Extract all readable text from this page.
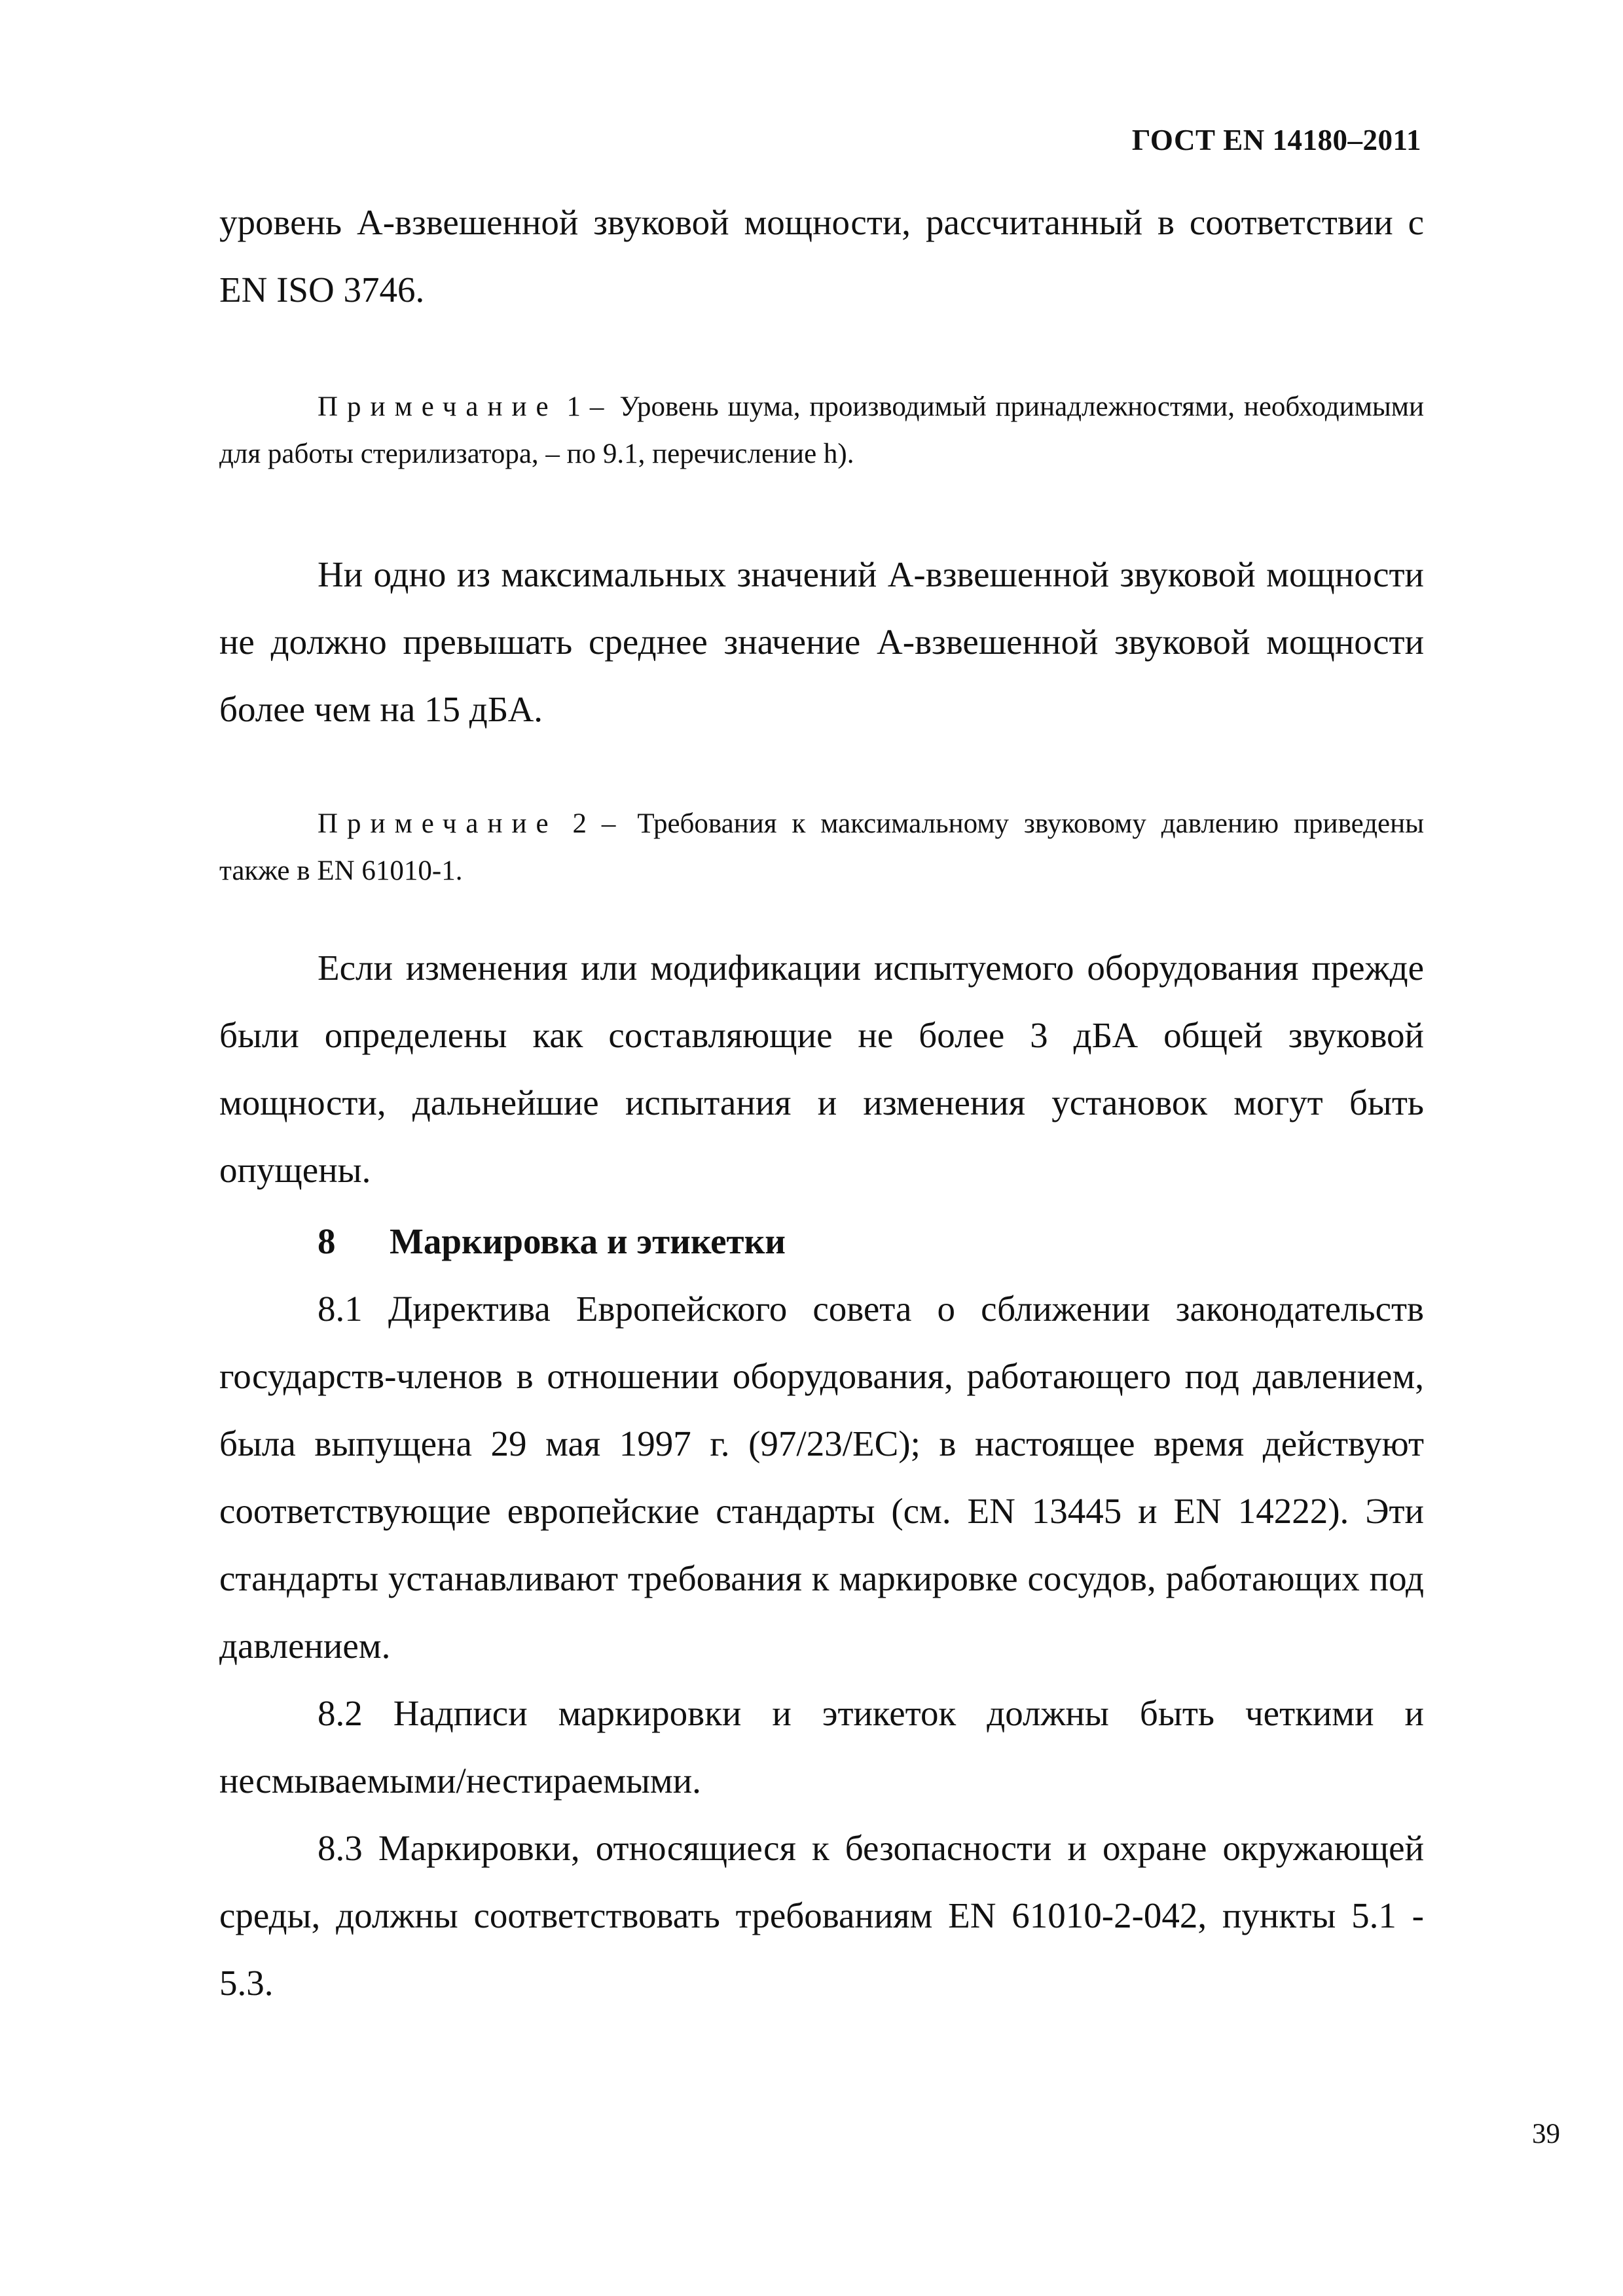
ГОСТ EN 14180–2011

уровень А-взвешенной звуковой мощности, рассчитанный в соответствии с EN ISO 3746.

Примечание 1 – Уровень шума, производимый принадлежностями, необходимыми для работы стерилизатора, – по 9.1, перечисление h).

Ни одно из максимальных значений А-взвешенной звуковой мощности не должно превышать среднее значение А-взвешенной звуковой мощности более чем на 15 дБА.

Примечание 2 – Требования к максимальному звуковому давлению приведены также в EN 61010-1.

Если изменения или модификации испытуемого оборудования прежде были определены как составляющие не более 3 дБА общей звуковой мощности, дальнейшие испытания и изменения установок могут быть опущены.

8 Маркировка и этикетки

8.1 Директива Европейского совета о сближении законодательств государств-членов в отношении оборудования, работающего под давлением, была выпущена 29 мая 1997 г. (97/23/ЕС); в настоящее время действуют соответствующие европейские стандарты (см. EN 13445 и EN 14222). Эти стандарты устанавливают требования к маркировке сосудов, работающих под давлением.

8.2 Надписи маркировки и этикеток должны быть четкими и несмываемыми/нестираемыми.

8.3 Маркировки, относящиеся к безопасности и охране окружающей среды, должны соответствовать требованиям EN 61010-2-042, пункты 5.1 - 5.3.

39
